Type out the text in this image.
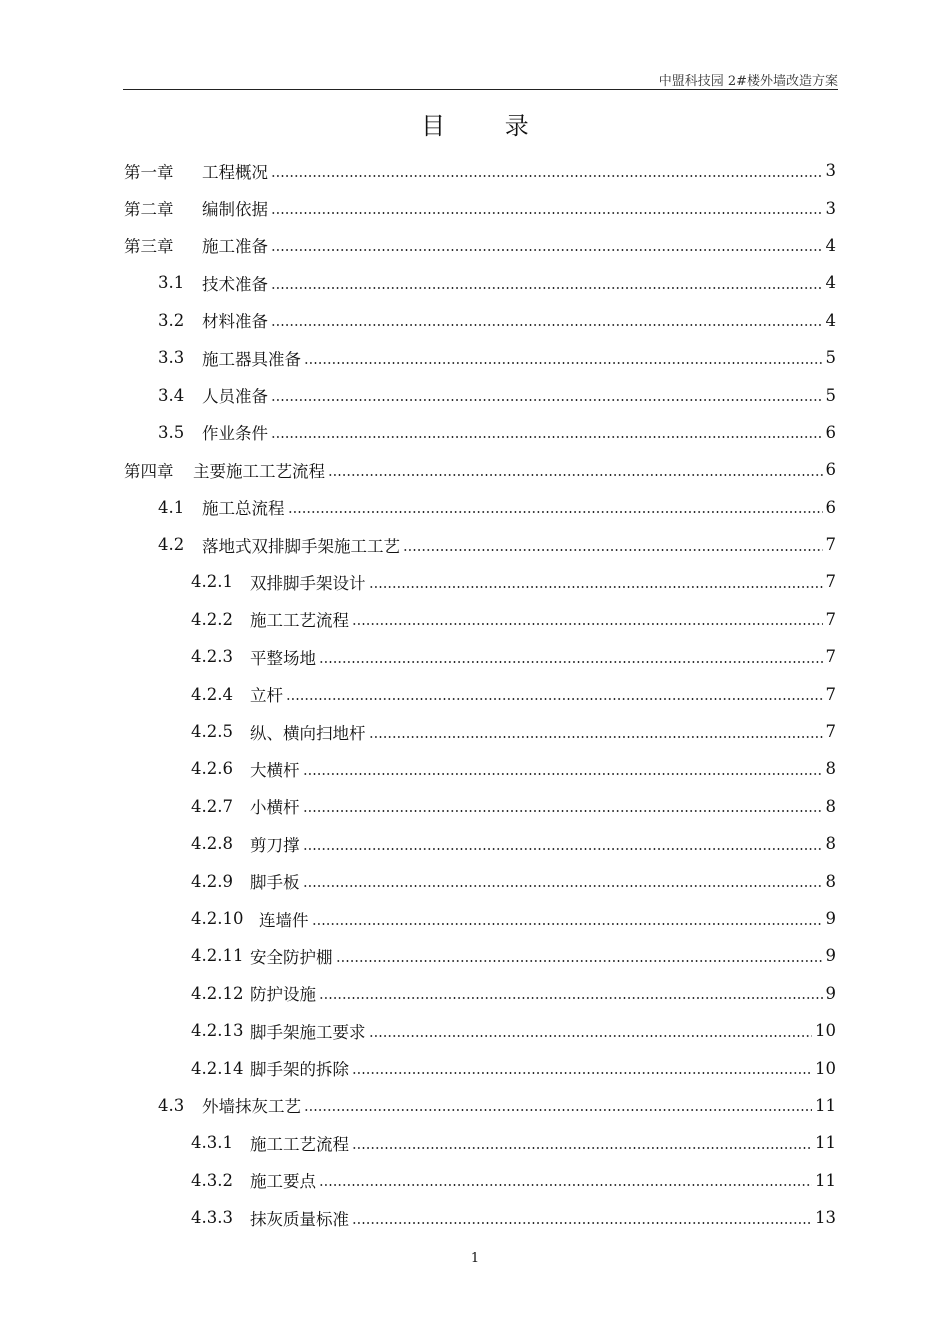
中盟科技园 2#楼外墙改造方案
目 录
第一章	工程概况	3
第二章	编制依据	3
第三章	施工准备	4
3.1	技术准备	4
3.2	材料准备	4
3.3	施工器具准备	5
3.4	人员准备	5
3.5	作业条件	6
第四章	主要施工工艺流程	6
4.1	施工总流程	6
4.2	落地式双排脚手架施工工艺	7
4.2.1	双排脚手架设计	7
4.2.2	施工工艺流程	7
4.2.3	平整场地	7
4.2.4	立杆	7
4.2.5	纵、横向扫地杆	7
4.2.6	大横杆	8
4.2.7	小横杆	8
4.2.8	剪刀撑	8
4.2.9	脚手板	8
4.2.10 连墙件	9
4.2.11 安全防护棚	9
4.2.12 防护设施	9
4.2.13 脚手架施工要求	10
4.2.14 脚手架的拆除	10
4.3	外墙抹灰工艺	11
4.3.1	施工工艺流程	11
4.3.2	施工要点	11
4.3.3	抹灰质量标准	13
1
